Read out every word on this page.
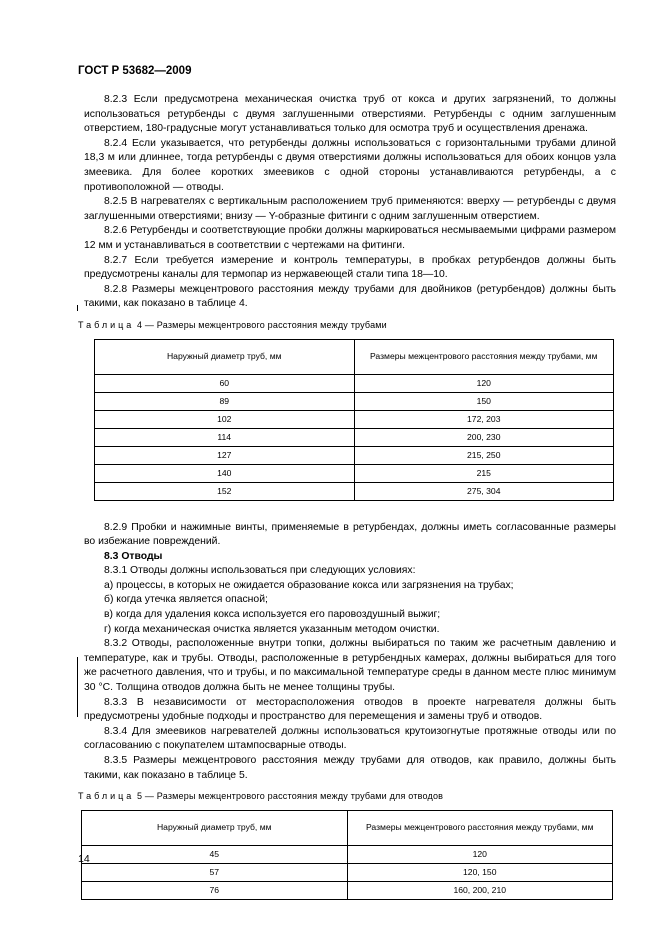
ГОСТ Р 53682—2009

8.2.3 Если предусмотрена механическая очистка труб от кокса и других загрязнений, то должны использоваться ретурбенды с двумя заглушенными отверстиями. Ретурбенды с одним заглушенным отверстием, 180-градусные могут устанавливаться только для осмотра труб и осуществления дренажа.

8.2.4 Если указывается, что ретурбенды должны использоваться с горизонтальными трубами длиной 18,3 м или длиннее, тогда ретурбенды с двумя отверстиями должны использоваться для обоих концов узла змеевика. Для более коротких змеевиков с одной стороны устанавливаются ретурбенды, а с противоположной — отводы.

8.2.5 В нагревателях с вертикальным расположением труб применяются: вверху — ретурбенды с двумя заглушенными отверстиями; внизу — Y-образные фитинги с одним заглушенным отверстием.

8.2.6 Ретурбенды и соответствующие пробки должны маркироваться несмываемыми цифрами размером 12 мм и устанавливаться в соответствии с чертежами на фитинги.

8.2.7 Если требуется измерение и контроль температуры, в пробках ретурбендов должны быть предусмотрены каналы для термопар из нержавеющей стали типа 18—10.

8.2.8 Размеры межцентрового расстояния между трубами для двойников (ретурбендов) должны быть такими, как показано в таблице 4.

Таблица 4 — Размеры межцентрового расстояния между трубами
Наружный диаметр труб, мм	Размеры межцентрового расстояния между трубами, мм
60	120
89	150
102	172, 203
114	200, 230
127	215, 250
140	215
152	275, 304

8.2.9 Пробки и нажимные винты, применяемые в ретурбендах, должны иметь согласованные размеры во избежание повреждений.

8.3 Отводы

8.3.1 Отводы должны использоваться при следующих условиях:

а) процессы, в которых не ожидается образование кокса или загрязнения на трубах;

б) когда утечка является опасной;

в) когда для удаления кокса используется его паровоздушный выжиг;

г) когда механическая очистка является указанным методом очистки.

8.3.2 Отводы, расположенные внутри топки, должны выбираться по таким же расчетным давлению и температуре, как и трубы. Отводы, расположенные в ретурбендных камерах, должны выбираться для того же расчетного давления, что и трубы, и по максимальной температуре среды в данном месте плюс минимум 30 °С. Толщина отводов должна быть не менее толщины трубы.

8.3.3 В независимости от месторасположения отводов в проекте нагревателя должны быть предусмотрены удобные подходы и пространство для перемещения и замены труб и отводов.

8.3.4 Для змеевиков нагревателей должны использоваться крутоизогнутые протяжные отводы или по согласованию с покупателем штампосварные отводы.

8.3.5 Размеры межцентрового расстояния между трубами для отводов, как правило, должны быть такими, как показано в таблице 5.

Таблица 5 — Размеры межцентрового расстояния между трубами для отводов
Наружный диаметр труб, мм	Размеры межцентрового расстояния между трубами, мм
45	120
57	120, 150
76	160, 200, 210
14
